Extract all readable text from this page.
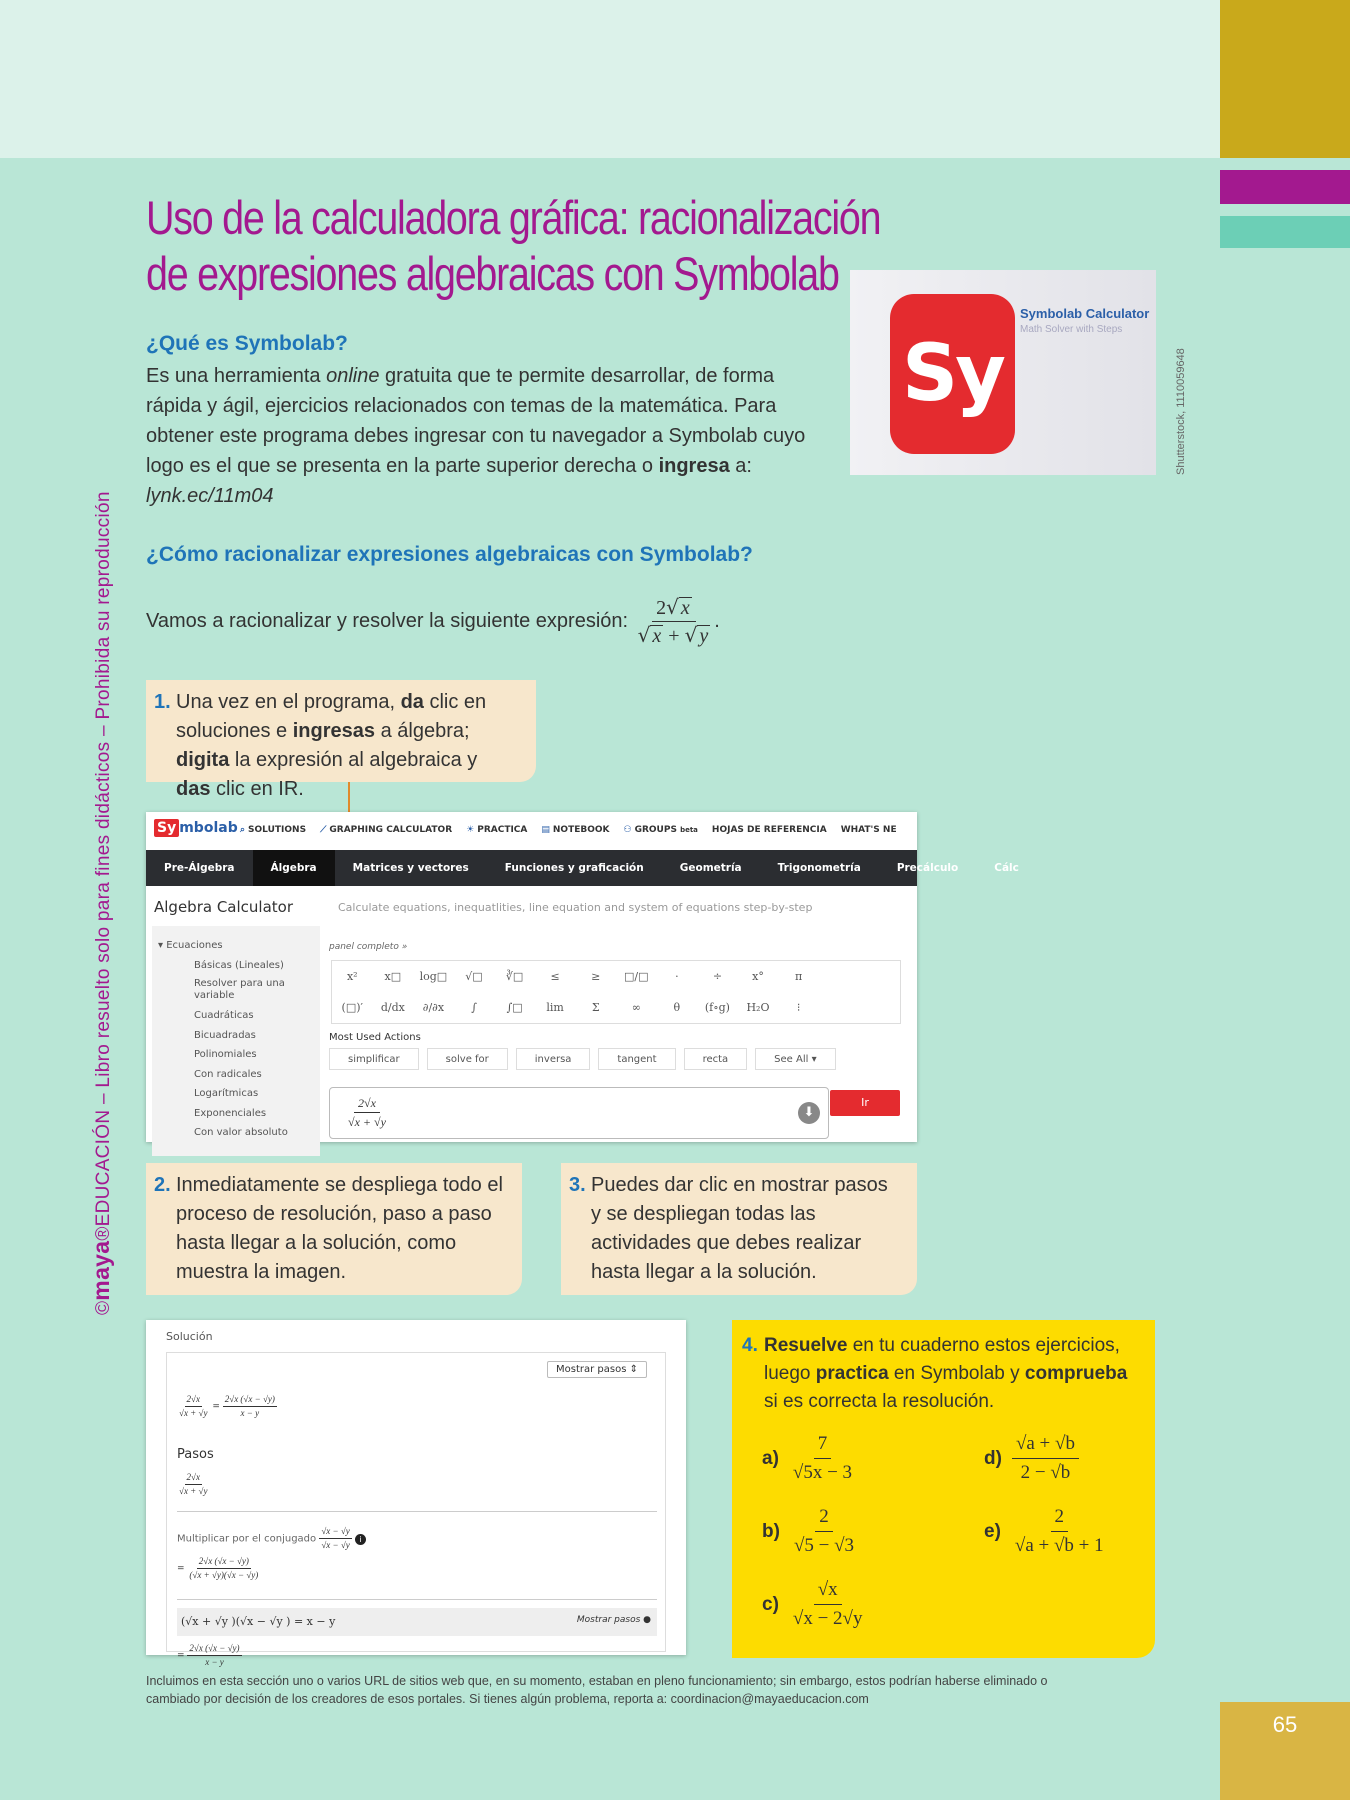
©maya®EDUCACIÓN – Libro resuelto solo para fines didácticos – Prohibida su reproducción
Uso de la calculadora gráfica: racionalización
de expresiones algebraicas con Symbolab
¿Qué es Symbolab?
Es una herramienta online gratuita que te permite desarrollar, de forma rápida y ágil, ejercicios relacionados con temas de la matemática. Para obtener este programa debes ingresar con tu navegador a Symbolab cuyo logo es el que se presenta en la parte superior derecha o ingresa a: lynk.ec/11m04
Sy
Symbolab Calculator
Math Solver with Steps
Shutterstock, 1110059648
¿Cómo racionalizar expresiones algebraicas con Symbolab?
Vamos a racionalizar y resolver la siguiente expresión: $\frac{2√ x}{√ x + √ y}$ .
1. Una vez en el programa, da clic en soluciones e ingresas a álgebra; digita la expresión al algebraica y das clic en IR.
Sy mbolab ⌕ SOLUTIONS ⟋ GRAPHING CALCULATOR ☀ PRACTICA ▤ NOTEBOOK ⚇ GROUPS beta HOJAS DE REFERENCIA WHAT'S NE
Pre-Álgebra	Álgebra	Matrices y vectores	Funciones y graficación	Geometría	Trigonometría	Precálculo	Cálc
Algebra Calculator	Calculate equations, inequatlities, line equation and system of equations step-by-step
▾ Ecuaciones
Básicas (Lineales)
Resolver para una variable
Cuadráticas
Bicuadradas
Polinomiales
Con radicales
Logarítmicas
Exponenciales
Con valor absoluto
panel completo »
x²	x□	log□	√□	∛□	≤	≥	□/□	·	÷	x°	π
(□)′	d/dx	∂/∂x	∫	∫□	lim	Σ	∞	θ	(f∘g)	H₂O	⁝
Most Used Actions
simplificar	solve for	inversa	tangent	recta	See All ▾
$\frac{2√x}{√x + √y}$	⬇
Ir
2. Inmediatamente se despliega todo el proceso de resolución, paso a paso hasta llegar a la solución, como muestra la imagen.
3. Puedes dar clic en mostrar pasos y se despliegan todas las actividades que debes realizar hasta llegar a la solución.
Solución
Mostrar pasos ⇕
$\frac{2√x}{√x + √y} = \frac{2√x (√x - √y)}{x - y}$
Pasos
$\frac{2√x}{√x + √y}$
Multiplicar por el conjugado $\frac{√x - √y}{√x - √y}$ i
= $\frac{2√x (√x - √y)}{(√x + √y)(√x - √y)}$
(√x + √y )(√x − √y ) = x − y	Mostrar pasos ●
= $\frac{2√x (√x - √y)}{x - y}$
4. Resuelve en tu cuaderno estos ejercicios, luego practica en Symbolab y comprueba si es correcta la resolución.
$a) \frac{7}{√5x - 3}$
$b) \frac{2}{√5 - √3}$
$c) \frac{√x}{√x - 2√y}$
$d) \frac{√a + √b}{2 - √b}$
$e) \frac{2}{√a + √b + 1}$
Incluimos en esta sección uno o varios URL de sitios web que, en su momento, estaban en pleno funcionamiento; sin embargo, estos podrían haberse eliminado o cambiado por decisión de los creadores de esos portales. Si tienes algún problema, reporta a: coordinacion@mayaeducacion.com
65
